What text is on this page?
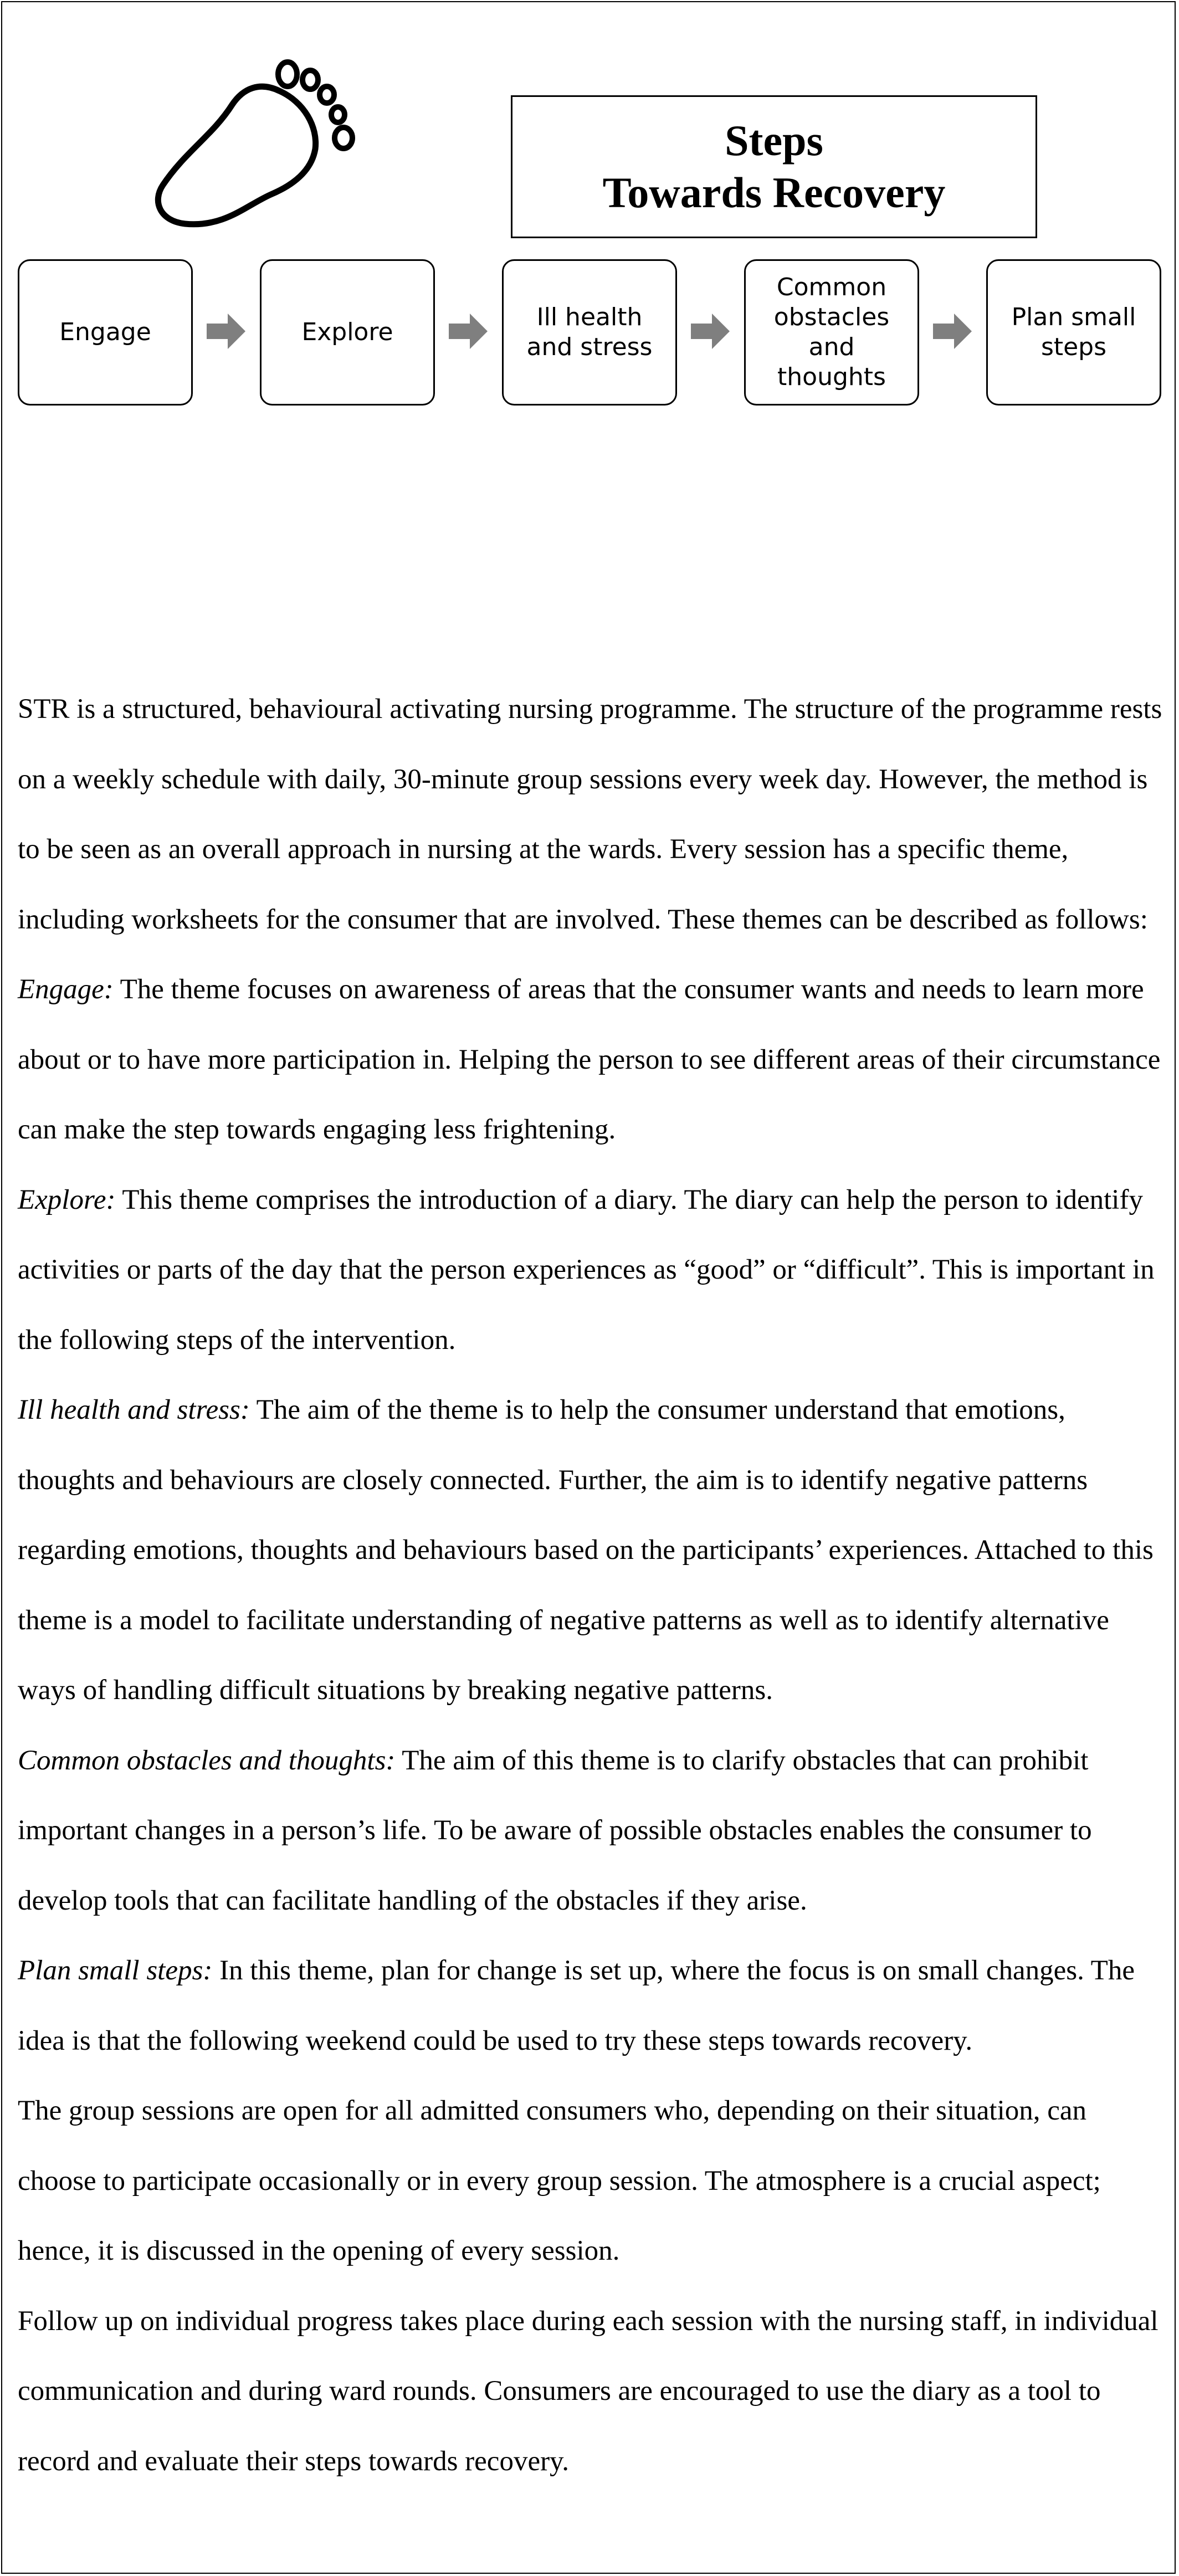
Steps
Towards Recovery
Engage	Explore
Ill health and stress
Common obstacles and thoughts
Plan small steps

STR is a structured, behavioural activating nursing programme. The structure of the programme rests on a weekly schedule with daily, 30-minute group sessions every week day. However, the method is to be seen as an overall approach in nursing at the wards. Every session has a specific theme, including worksheets for the consumer that are involved. These themes can be described as follows:

Engage: The theme focuses on awareness of areas that the consumer wants and needs to learn more about or to have more participation in. Helping the person to see different areas of their circumstance can make the step towards engaging less frightening.

Explore: This theme comprises the introduction of a diary. The diary can help the person to identify activities or parts of the day that the person experiences as “good” or “difficult”. This is important in the following steps of the intervention.

Ill health and stress: The aim of the theme is to help the consumer understand that emotions, thoughts and behaviours are closely connected. Further, the aim is to identify negative patterns regarding emotions, thoughts and behaviours based on the participants’ experiences. Attached to this theme is a model to facilitate understanding of negative patterns as well as to identify alternative ways of handling difficult situations by breaking negative patterns.

Common obstacles and thoughts: The aim of this theme is to clarify obstacles that can prohibit important changes in a person’s life. To be aware of possible obstacles enables the consumer to develop tools that can facilitate handling of the obstacles if they arise.

Plan small steps: In this theme, plan for change is set up, where the focus is on small changes. The idea is that the following weekend could be used to try these steps towards recovery.

The group sessions are open for all admitted consumers who, depending on their situation, can choose to participate occasionally or in every group session. The atmosphere is a crucial aspect; hence, it is discussed in the opening of every session.

Follow up on individual progress takes place during each session with the nursing staff, in individual communication and during ward rounds. Consumers are encouraged to use the diary as a tool to record and evaluate their steps towards recovery.
